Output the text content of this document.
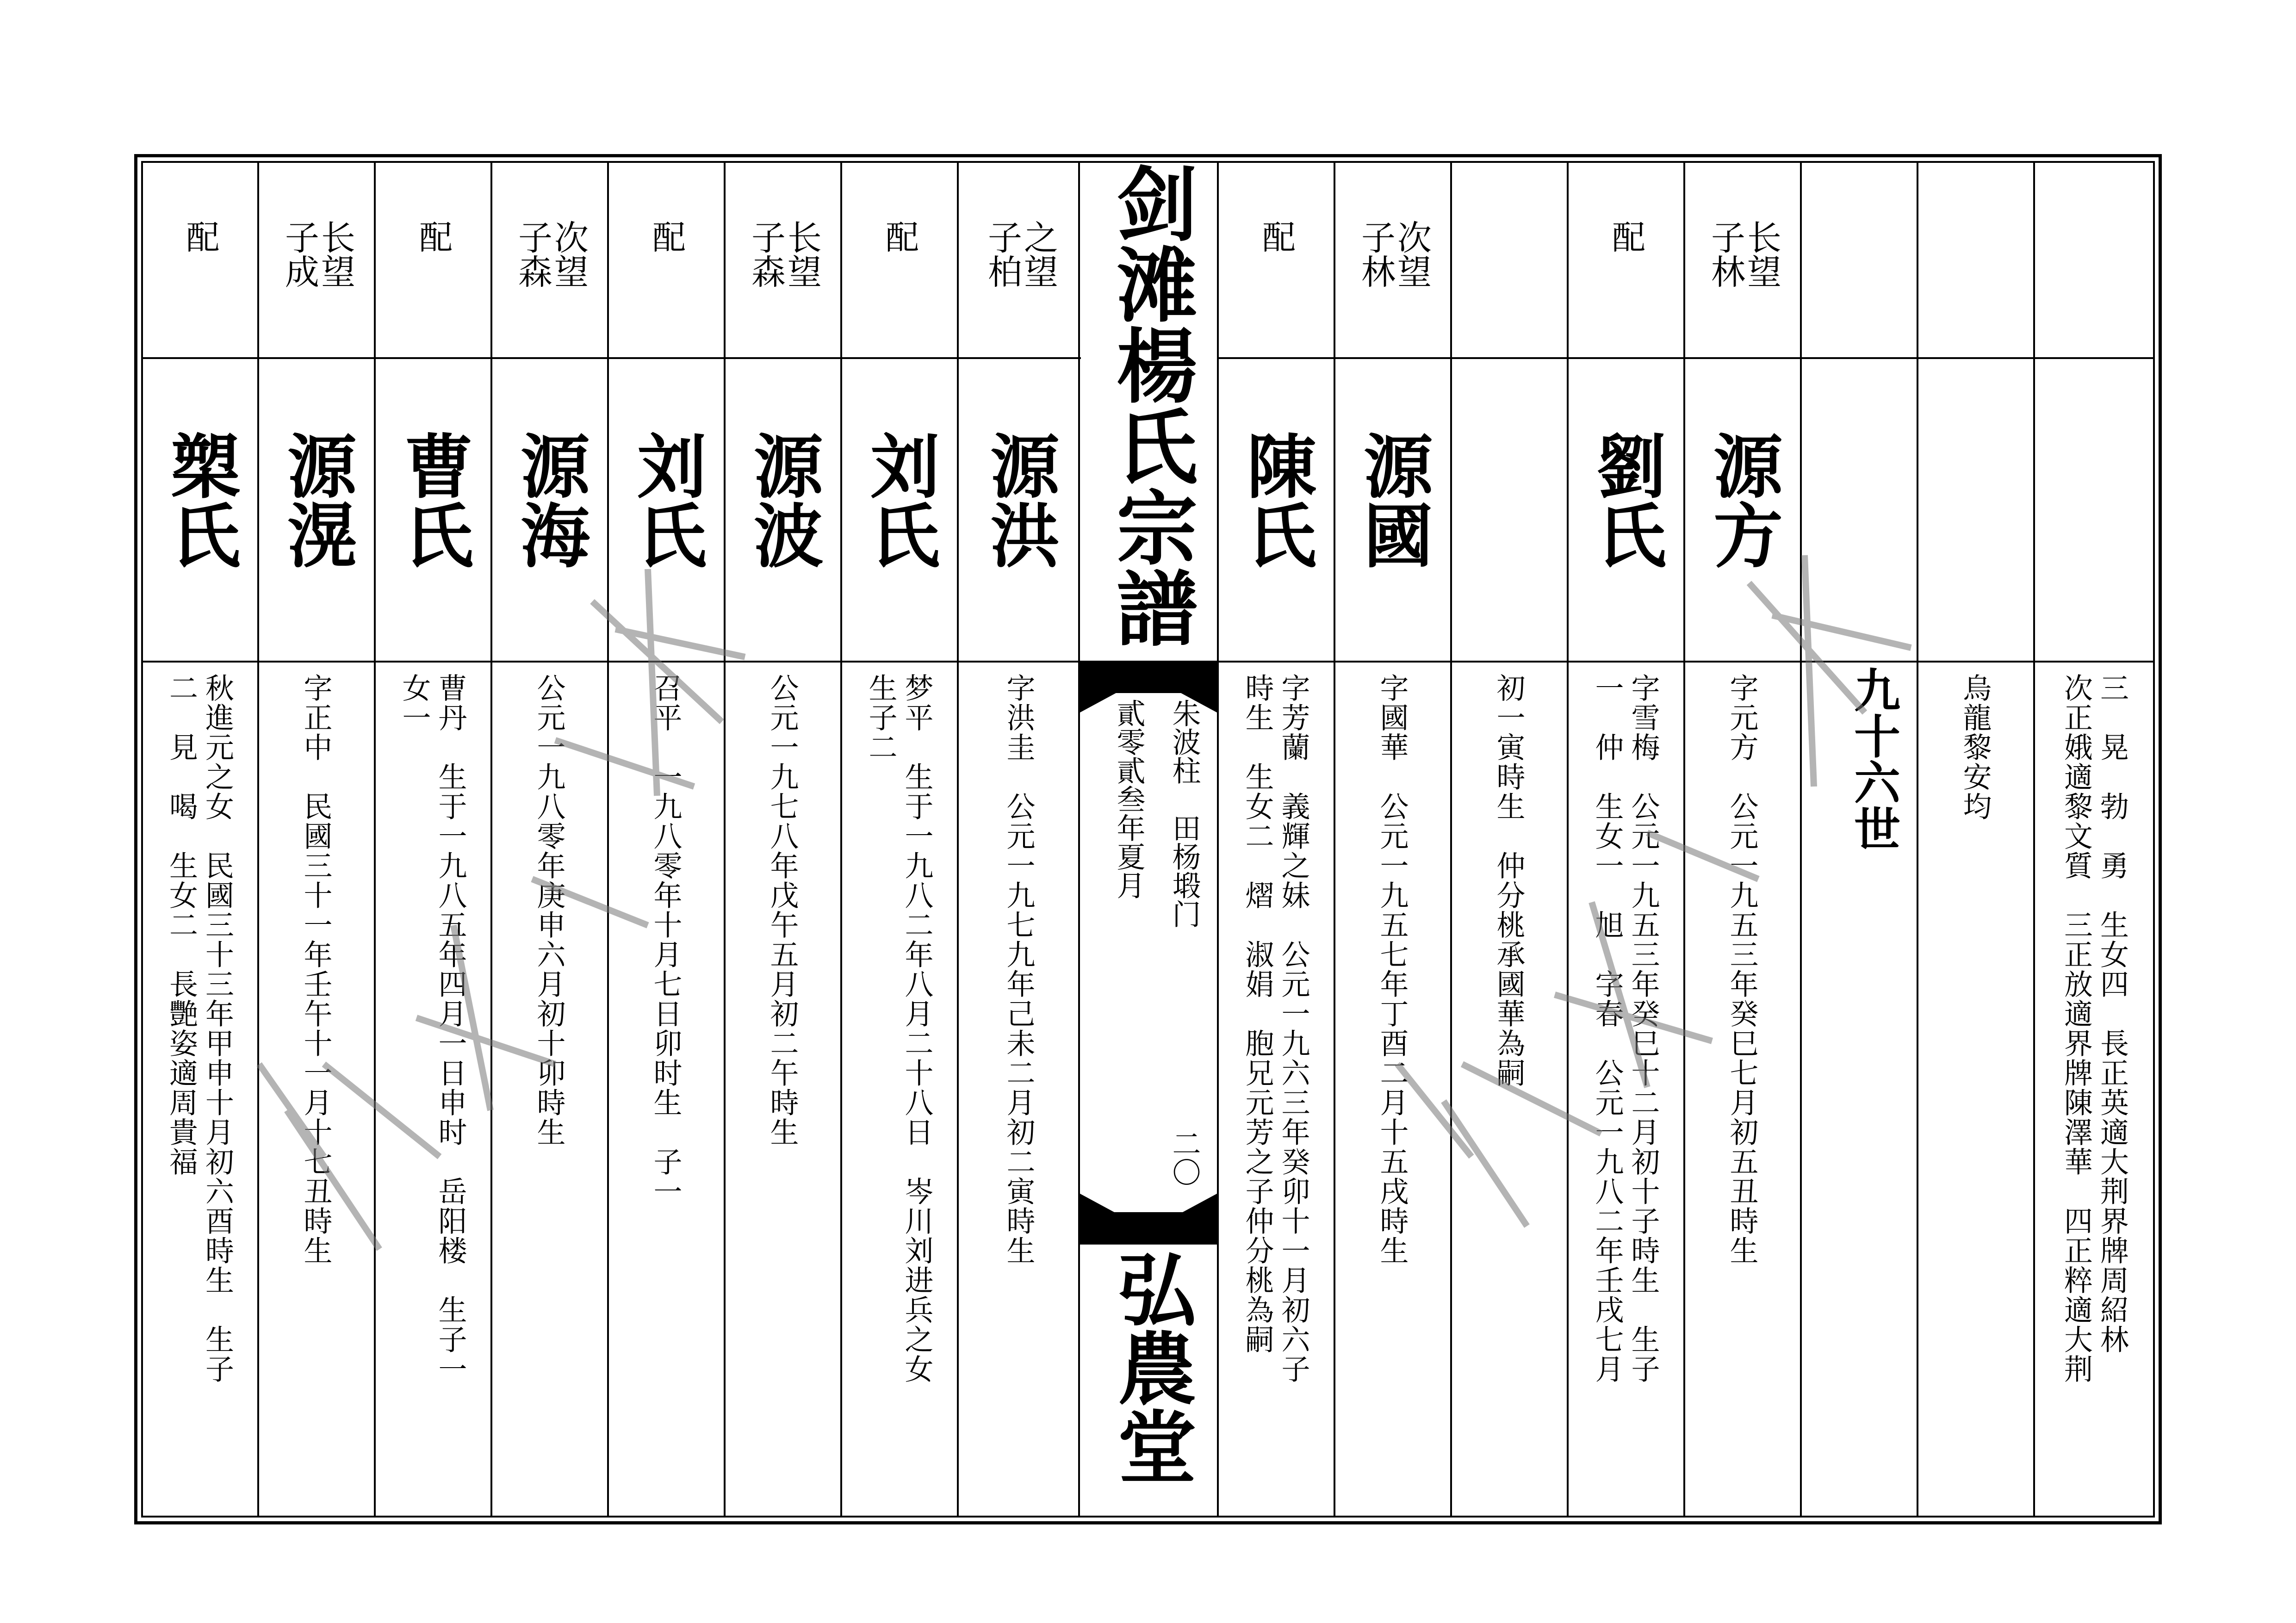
剑滩楊氏宗譜
朱波柱　田杨塅门
貳零貳叁年夏月
二〇
弘農堂
九十六世
配
槊氏
秋進元之女　民國三十三年甲申十月初六酉時生　生子
二　見　喝　生女二　長艷姿適周貴福
长望
子成
源滉
字正中　民國三十一年壬午十一月十七丑時生
配
曹氏
曹丹　生于一九八五年四月一日申时　岳阳楼　生子一
女一
次望
子森
源海
公元一九八零年庚申六月初十卯時生
配
刘氏
召平　一九八零年十月七日卯时生　子一
长望
子森
源波
公元一九七八年戊午五月初二午時生
配
刘氏
梦平　生于一九八二年八月二十八日　岑川刘进兵之女
生子二
之望
子柏
源洪
字洪圭　公元一九七九年己未二月初二寅時生
配
陳氏
字芳蘭　義輝之妹　公元一九六三年癸卯十一月初六子
時生　生女二　熠　淑娟　胞兄元芳之子仲分桃為嗣
次望
子林
源國
字國華　公元一九五七年丁酉二月十五戌時生	初一寅時生　仲分桃承國華為嗣
配
劉氏
字雪梅　公元一九五三年癸巳十二月初十子時生　生子
一　仲　生女一　旭　字春　公元一九八二年壬戌七月
长望
子林
源方
字元方　公元一九五三年癸巳七月初五丑時生	烏龍黎安均	三　晃　勃　勇　生女四　長正英適大荆界牌周紹林
次正娥適黎文質　三正放適界牌陳澤華　四正粹適大荆
